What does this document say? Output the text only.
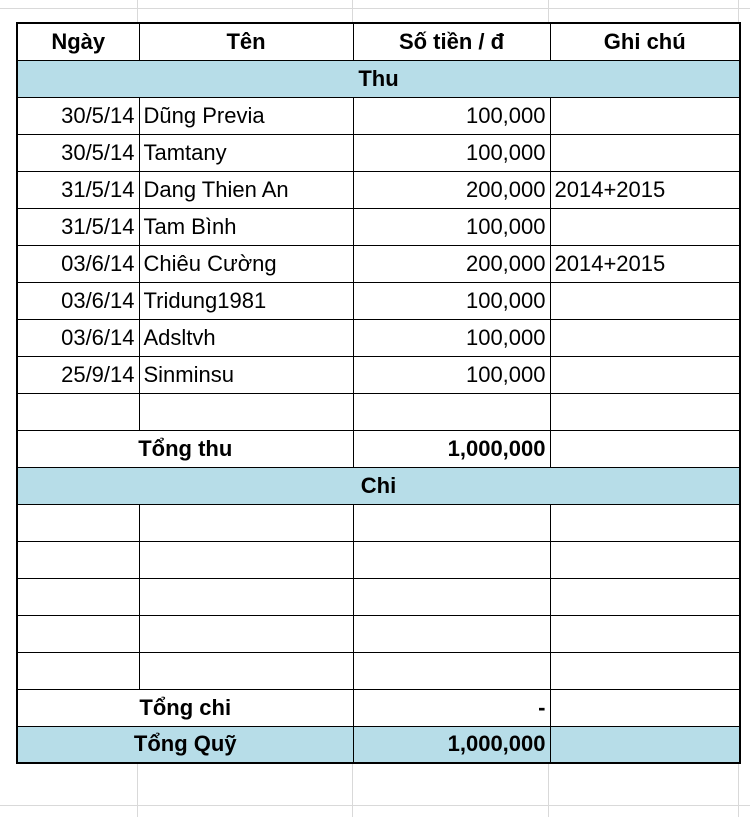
Ngày	Tên	Số tiền / đ	Ghi chú
Thu			
30/5/14	Dũng Previa	100,000	
30/5/14	Tamtany	100,000	
31/5/14	Dang Thien An	200,000	2014+2015
31/5/14	Tam Bình	100,000	
03/6/14	Chiêu Cường	200,000	2014+2015
03/6/14	Tridung1981	100,000	
03/6/14	Adsltvh	100,000	
25/9/14	Sinminsu	100,000	

Tổng thu		1,000,000	
Chi			

Tổng chi		-	
Tổng Quỹ		1,000,000	
